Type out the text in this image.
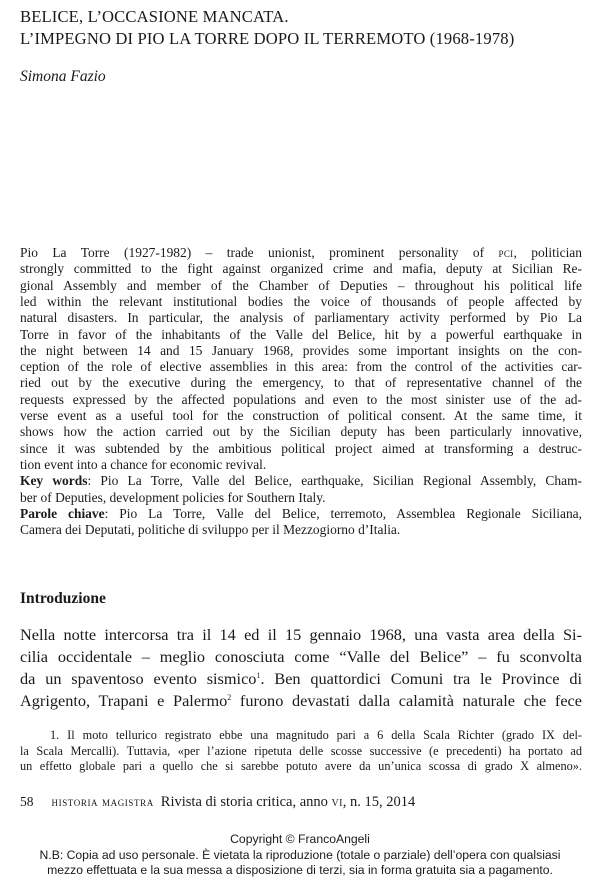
BELICE, L’OCCASIONE MANCATA.
L’IMPEGNO DI PIO LA TORRE DOPO IL TERREMOTO (1968-1978)
Simona Fazio
Pio La Torre (1927-1982) – trade unionist, prominent personality of pci, politician
strongly committed to the fight against organized crime and mafia, deputy at Sicilian Re-
gional Assembly and member of the Chamber of Deputies – throughout his political life
led within the relevant institutional bodies the voice of thousands of people affected by
natural disasters. In particular, the analysis of parliamentary activity performed by Pio La
Torre in favor of the inhabitants of the Valle del Belice, hit by a powerful earthquake in
the night between 14 and 15 January 1968, provides some important insights on the con-
ception of the role of elective assemblies in this area: from the control of the activities car-
ried out by the executive during the emergency, to that of representative channel of the
requests expressed by the affected populations and even to the most sinister use of the ad-
verse event as a useful tool for the construction of political consent. At the same time, it
shows how the action carried out by the Sicilian deputy has been particularly innovative,
since it was subtended by the ambitious political project aimed at transforming a destruc-
tion event into a chance for economic revival.
Key words: Pio La Torre, Valle del Belice, earthquake, Sicilian Regional Assembly, Cham-
ber of Deputies, development policies for Southern Italy.
Parole chiave: Pio La Torre, Valle del Belice, terremoto, Assemblea Regionale Siciliana,
Camera dei Deputati, politiche di sviluppo per il Mezzogiorno d’Italia.
Introduzione
Nella notte intercorsa tra il 14 ed il 15 gennaio 1968, una vasta area della Si-
cilia occidentale – meglio conosciuta come “Valle del Belice” – fu sconvolta
da un spaventoso evento sismico$^1$. Ben quattordici Comuni tra le Province di
Agrigento, Trapani e Palermo$^2$ furono devastati dalla calamità naturale che fece
1. Il moto tellurico registrato ebbe una magnitudo pari a 6 della Scala Richter (grado IX del-
la Scala Mercalli). Tuttavia, «per l’azione ripetuta delle scosse successive (e precedenti) ha portato ad
un effetto globale pari a quello che si sarebbe potuto avere da un’unica scossa di grado X almeno».
58 historia magistra Rivista di storia critica, anno vi, n. 15, 2014
Copyright © FrancoAngeli
N.B: Copia ad uso personale. È vietata la riproduzione (totale o parziale) dell’opera con qualsiasi
mezzo effettuata e la sua messa a disposizione di terzi, sia in forma gratuita sia a pagamento.
